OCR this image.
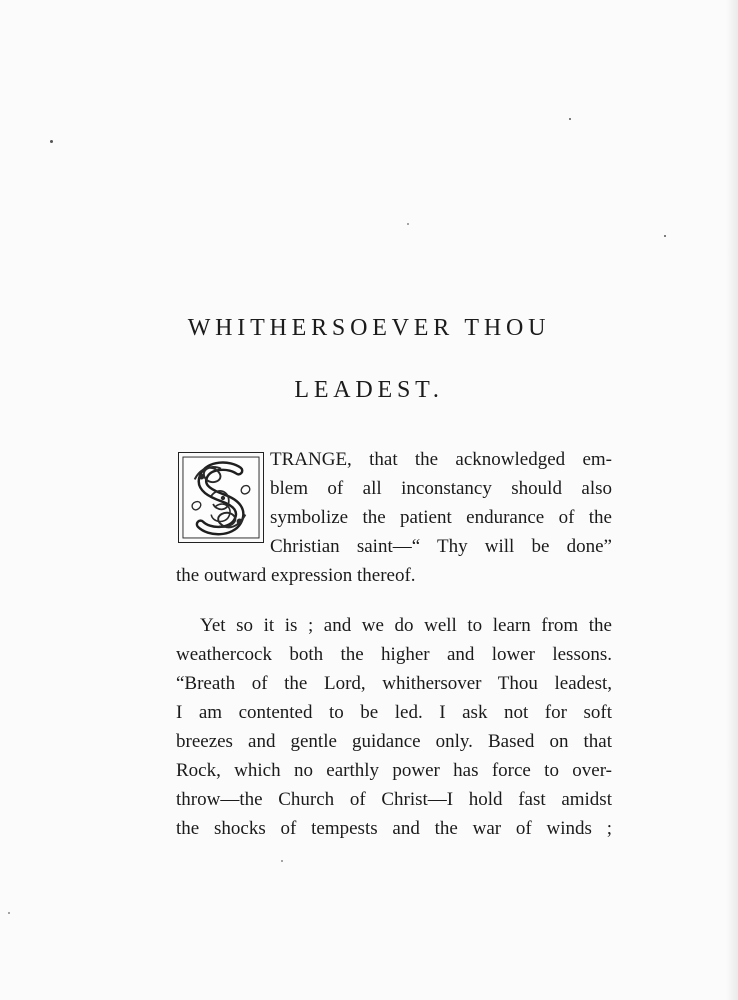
WHITHERSOEVER THOU
LEADEST.
TRANGE, that the acknowledged em-
blem of all inconstancy should also
symbolize the patient endurance of the
Christian saint—“ Thy will be done”
the outward expression thereof.
Yet so it is ; and we do well to learn from the
weathercock both the higher and lower lessons.
“Breath of the Lord, whithersover Thou leadest,
I am contented to be led. I ask not for soft
breezes and gentle guidance only. Based on that
Rock, which no earthly power has force to over-
throw—the Church of Christ—I hold fast amidst
the shocks of tempests and the war of winds ;
